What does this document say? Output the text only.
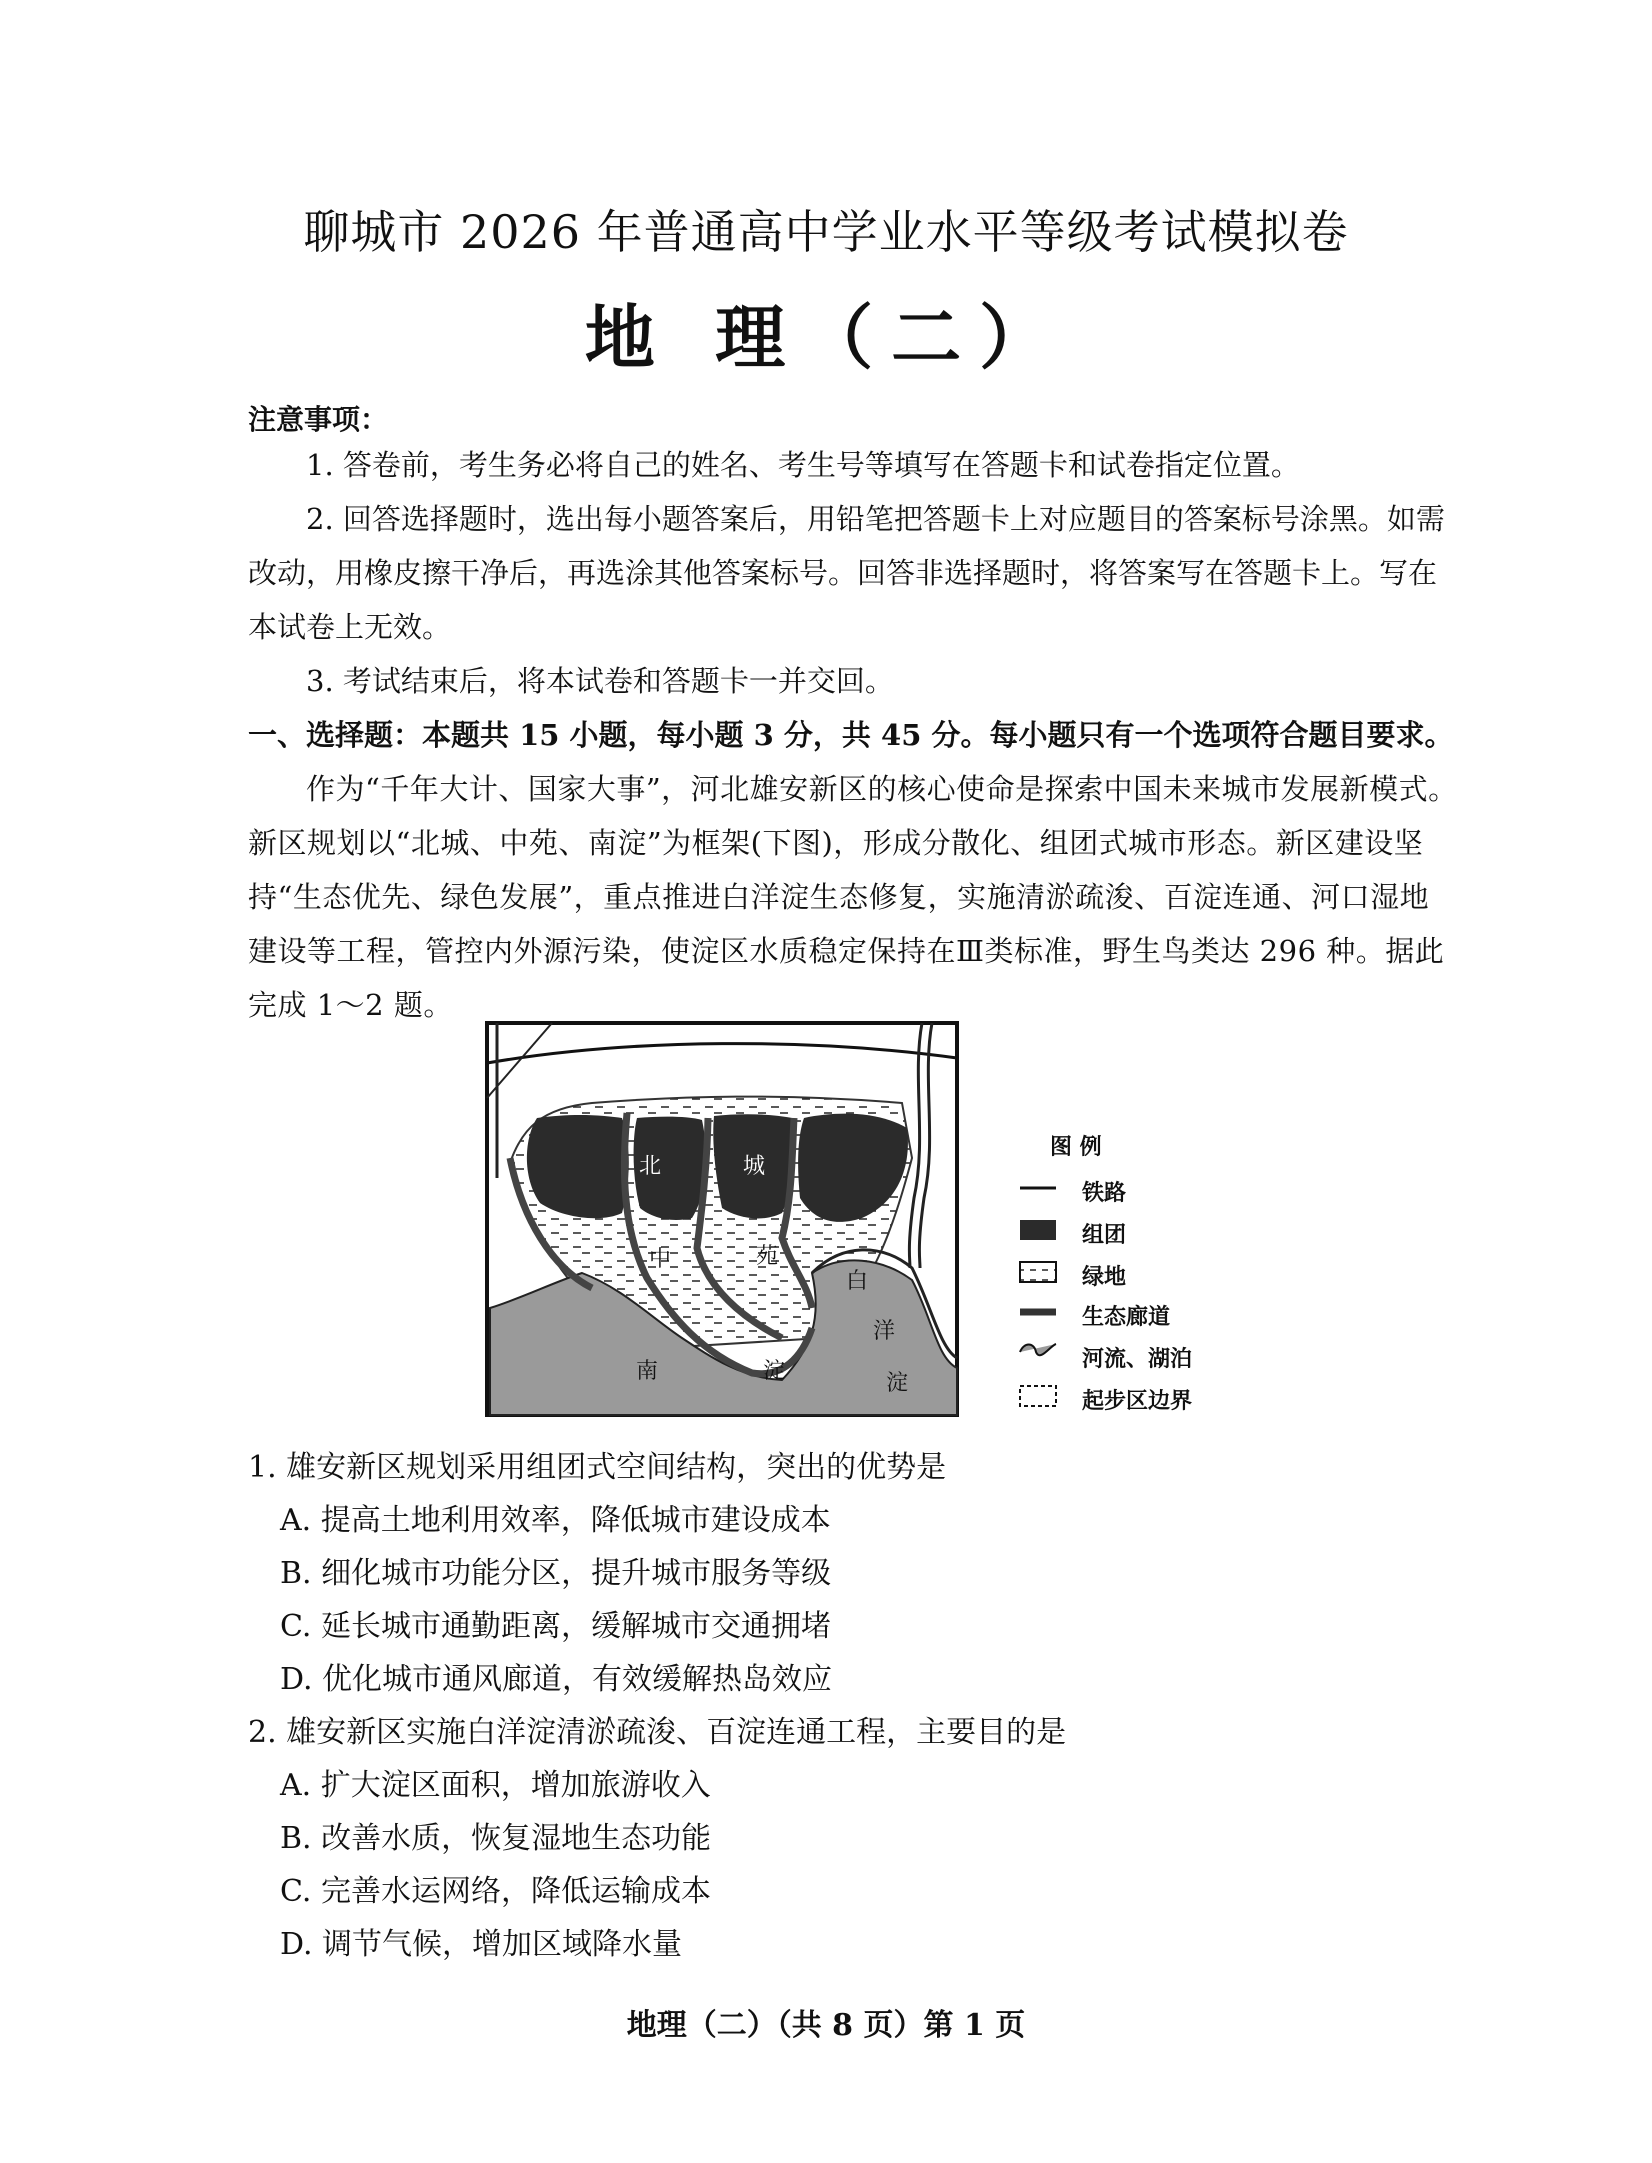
聊城市 2026 年普通高中学业水平等级考试模拟卷
地 理（二）
注意事项：
1. 答卷前，考生务必将自己的姓名、考生号等填写在答题卡和试卷指定位置。
2. 回答选择题时，选出每小题答案后，用铅笔把答题卡上对应题目的答案标号涂黑。如需改动，用橡皮擦干净后，再选涂其他答案标号。回答非选择题时，将答案写在答题卡上。写在本试卷上无效。
3. 考试结束后，将本试卷和答题卡一并交回。
一、选择题：本题共 15 小题，每小题 3 分，共 45 分。每小题只有一个选项符合题目要求。
作为“千年大计、国家大事”，河北雄安新区的核心使命是探索中国未来城市发展新模式。新区规划以“北城、中苑、南淀”为框架(下图)，形成分散化、组团式城市形态。新区建设坚持“生态优先、绿色发展”，重点推进白洋淀生态修复，实施清淤疏浚、百淀连通、河口湿地建设等工程，管控内外源污染，使淀区水质稳定保持在Ⅲ类标准，野生鸟类达 296 种。据此完成 1～2 题。
北	城
中	苑
南	淀
白
洋
淀
图 例
铁路
组团
绿地
生态廊道
河流、湖泊
起步区边界
1. 雄安新区规划采用组团式空间结构，突出的优势是
A. 提高土地利用效率，降低城市建设成本
B. 细化城市功能分区，提升城市服务等级
C. 延长城市通勤距离，缓解城市交通拥堵
D. 优化城市通风廊道，有效缓解热岛效应
2. 雄安新区实施白洋淀清淤疏浚、百淀连通工程，主要目的是
A. 扩大淀区面积，增加旅游收入
B. 改善水质，恢复湿地生态功能
C. 完善水运网络，降低运输成本
D. 调节气候，增加区域降水量
地理（二）（共 8 页）第 1 页
